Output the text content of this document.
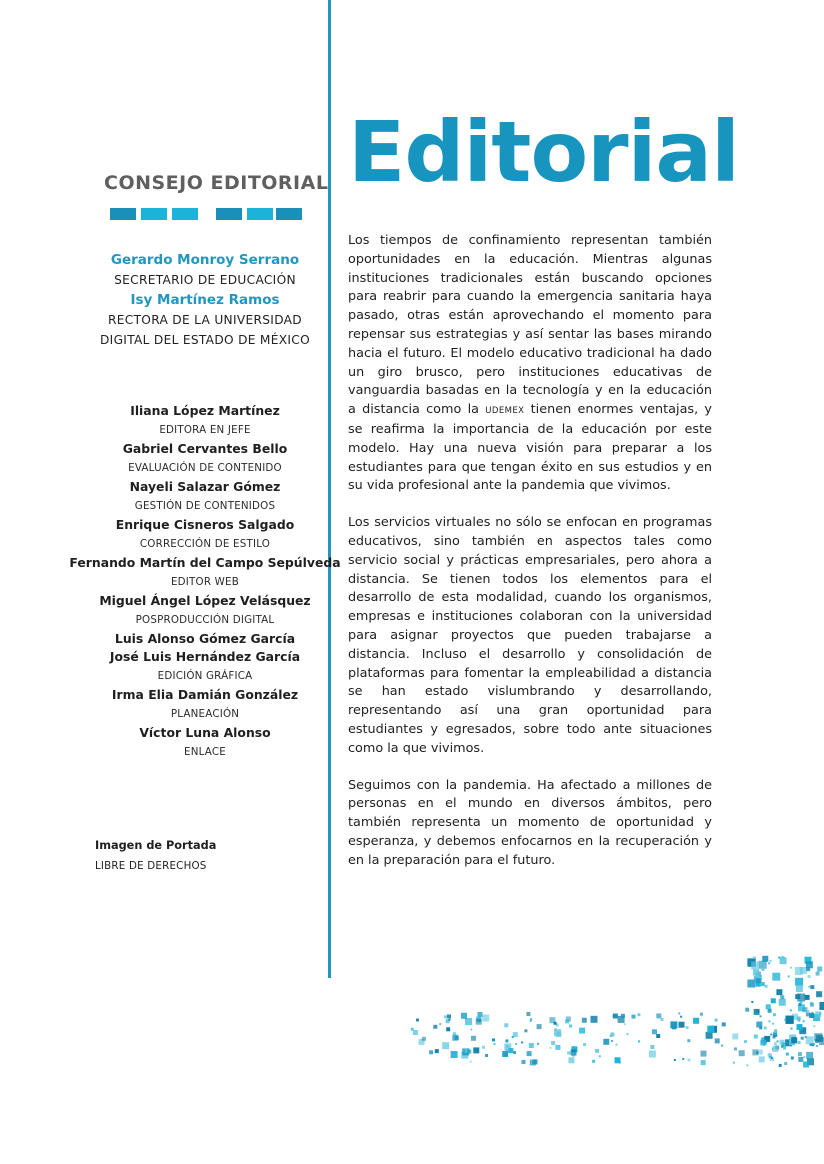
CONSEJO EDITORIAL
Gerardo Monroy Serrano
SECRETARIO DE EDUCACIÓN
Isy Martínez Ramos
RECTORA DE LA UNIVERSIDAD
DIGITAL DEL ESTADO DE MÉXICO
Iliana López Martínez
EDITORA EN JEFE
Gabriel Cervantes Bello
EVALUACIÓN DE CONTENIDO
Nayeli Salazar Gómez
GESTIÓN DE CONTENIDOS
Enrique Cisneros Salgado
CORRECCIÓN DE ESTILO
Fernando Martín del Campo Sepúlveda
EDITOR WEB
Miguel Ángel López Velásquez
POSPRODUCCIÓN DIGITAL
Luis Alonso Gómez García
José Luis Hernández García
EDICIÓN GRÁFICA
Irma Elia Damián González
PLANEACIÓN
Víctor Luna Alonso
ENLACE
Imagen de Portada
LIBRE DE DERECHOS
Editorial

Los tiempos de confinamiento representan también oportunidades en la educación. Mientras algunas instituciones tradicionales están buscando opciones para reabrir para cuando la emergencia sanitaria haya pasado, otras están aprovechando el momento para repensar sus estrategias y así sentar las bases mirando hacia el futuro. El modelo educativo tradicional ha dado un giro brusco, pero instituciones educativas de vanguardia basadas en la tecnología y en la educación a distancia como la UDEMEX tienen enormes ventajas, y se reafirma la importancia de la educación por este modelo. Hay una nueva visión para preparar a los estudiantes para que tengan éxito en sus estudios y en su vida profesional ante la pandemia que vivimos.

Los servicios virtuales no sólo se enfocan en programas educativos, sino también en aspectos tales como servicio social y prácticas empresariales, pero ahora a distancia. Se tienen todos los elementos para el desarrollo de esta modalidad, cuando los organismos, empresas e instituciones colaboran con la universidad para asignar proyectos que pueden trabajarse a distancia. Incluso el desarrollo y consolidación de plataformas para fomentar la empleabilidad a distancia se han estado vislumbrando y desarrollando, representando así una gran oportunidad para estudiantes y egresados, sobre todo ante situaciones como la que vivimos.

Seguimos con la pandemia. Ha afectado a millones de personas en el mundo en diversos ámbitos, pero también representa un momento de oportunidad y esperanza, y debemos enfocarnos en la recuperación y en la preparación para el futuro.
